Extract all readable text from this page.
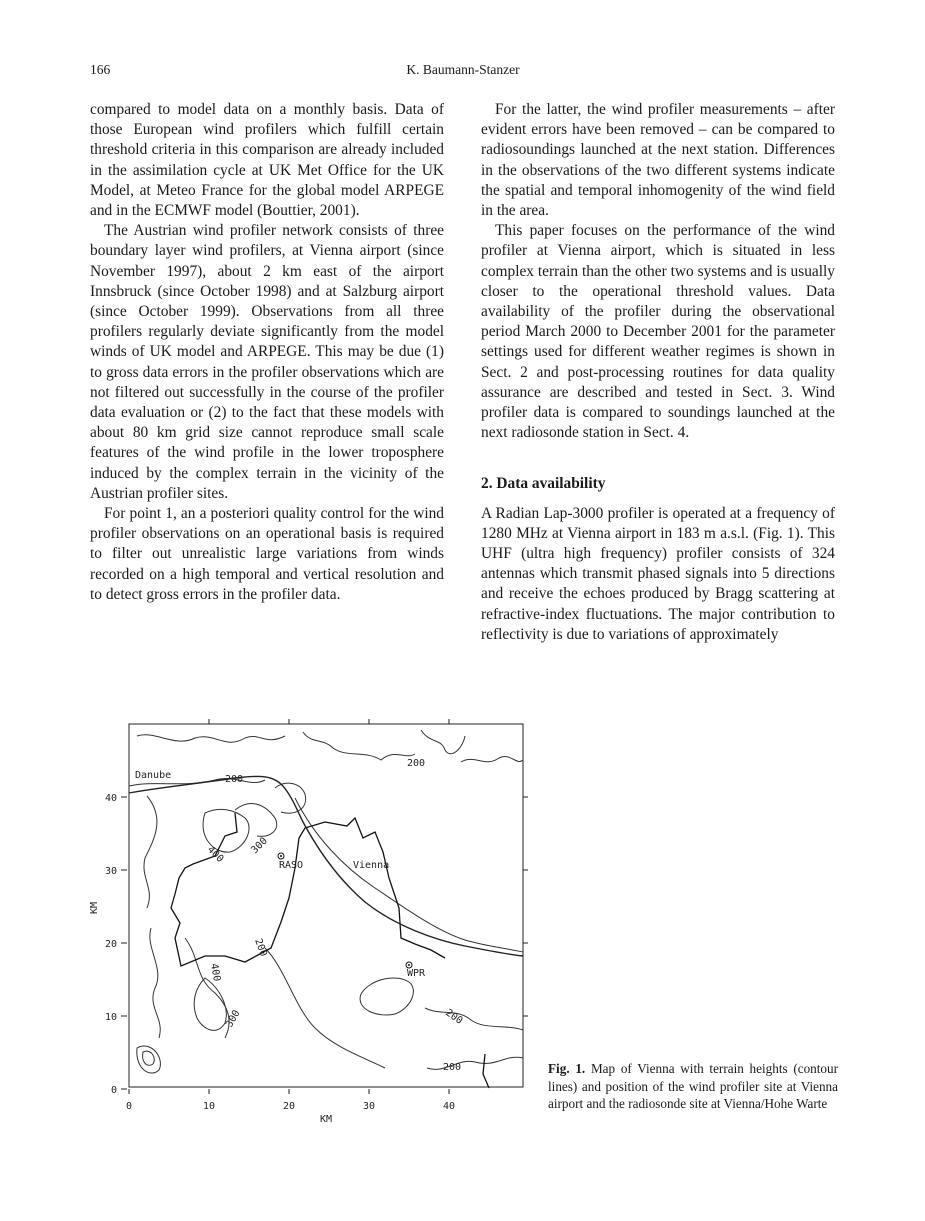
166	K. Baumann-Stanzer

compared to model data on a monthly basis. Data of those European wind profilers which fulfill certain threshold criteria in this comparison are already included in the assimilation cycle at UK Met Office for the UK Model, at Meteo France for the global model ARPEGE and in the ECMWF model (Bouttier, 2001).

The Austrian wind profiler network consists of three boundary layer wind profilers, at Vienna airport (since November 1997), about 2 km east of the airport Innsbruck (since October 1998) and at Salzburg airport (since October 1999). Observations from all three profilers regularly deviate significantly from the model winds of UK model and ARPEGE. This may be due (1) to gross data errors in the profiler observations which are not filtered out successfully in the course of the profiler data evaluation or (2) to the fact that these models with about 80 km grid size cannot reproduce small scale features of the wind profile in the lower troposphere induced by the complex terrain in the vicinity of the Austrian profiler sites.

For point 1, an a posteriori quality control for the wind profiler observations on an operational basis is required to filter out unrealistic large variations from winds recorded on a high temporal and vertical resolution and to detect gross errors in the profiler data.

For the latter, the wind profiler measurements – after evident errors have been removed – can be compared to radiosoundings launched at the next station. Differences in the observations of the two different systems indicate the spatial and temporal inhomogenity of the wind field in the area.

This paper focuses on the performance of the wind profiler at Vienna airport, which is situated in less complex terrain than the other two systems and is usually closer to the operational threshold values. Data availability of the profiler during the observational period March 2000 to December 2001 for the parameter settings used for different weather regimes is shown in Sect. 2 and post-processing routines for data quality assurance are described and tested in Sect. 3. Wind profiler data is compared to soundings launched at the next radiosonde station in Sect. 4.

2. Data availability

A Radian Lap-3000 profiler is operated at a frequency of 1280 MHz at Vienna airport in 183 m a.s.l. (Fig. 1). This UHF (ultra high frequency) profiler consists of 324 antennas which transmit phased signals into 5 directions and receive the echoes produced by Bragg scattering at refractive-index fluctuations. The major contribution to reflectivity is due to variations of approximately

0	10	20	30	40
0
10
20
30
40
KM
KM
200
200
400 300
200
400
300	200
200
Danube
RASO	Vienna
WPR
Fig. 1. Map of Vienna with terrain heights (contour lines) and position of the wind profiler site at Vienna airport and the radiosonde site at Vienna/Hohe Warte
